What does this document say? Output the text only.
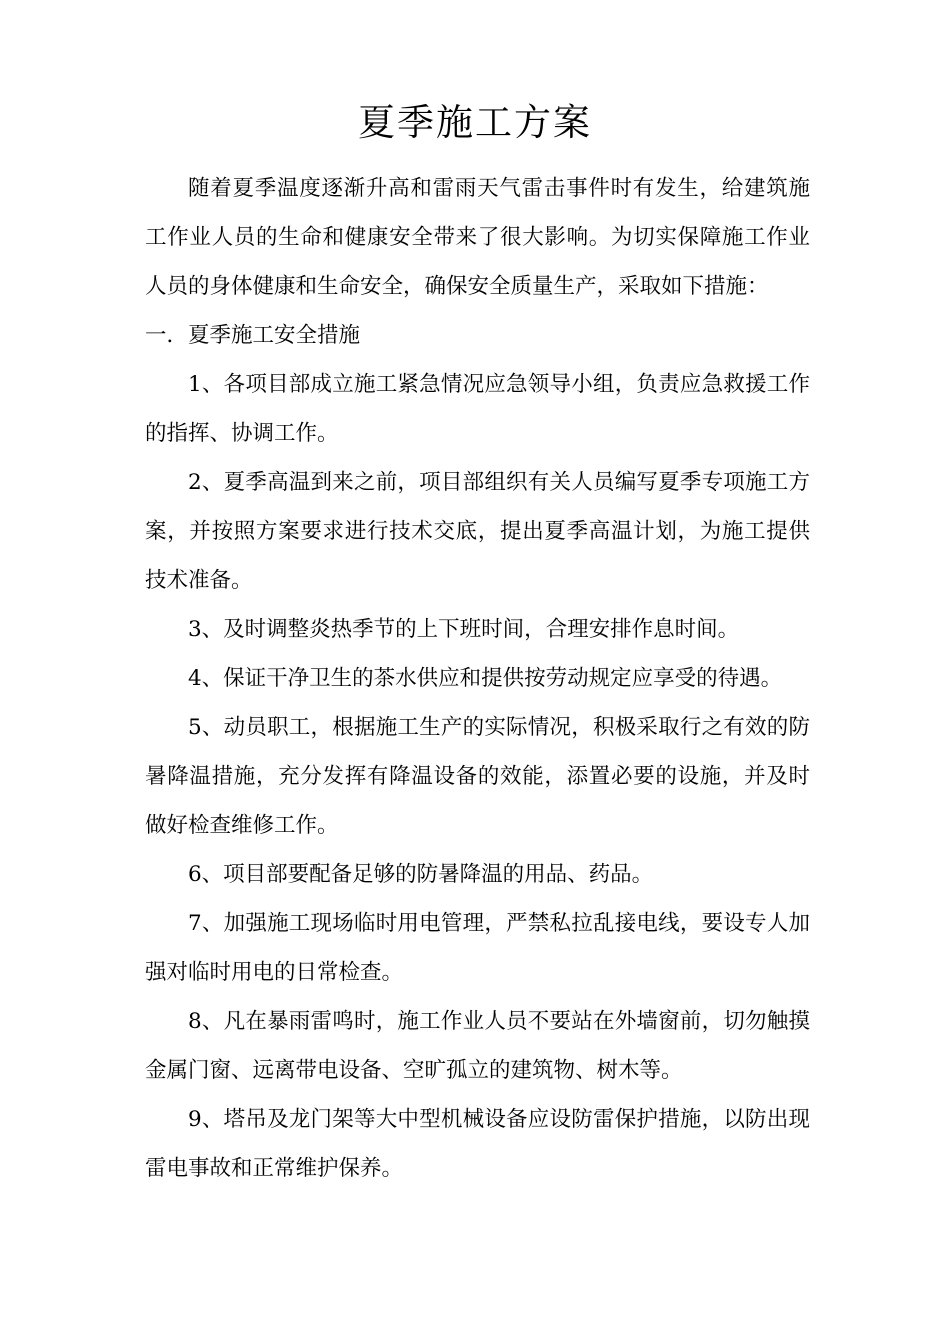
夏季施工方案

随着夏季温度逐渐升高和雷雨天气雷击事件时有发生，给建筑施工作业人员的生命和健康安全带来了很大影响。为切实保障施工作业人员的身体健康和生命安全，确保安全质量生产，采取如下措施：

一．夏季施工安全措施

1、各项目部成立施工紧急情况应急领导小组，负责应急救援工作的指挥、协调工作。

2、夏季高温到来之前，项目部组织有关人员编写夏季专项施工方案，并按照方案要求进行技术交底，提出夏季高温计划，为施工提供技术准备。

3、及时调整炎热季节的上下班时间，合理安排作息时间。

4、保证干净卫生的茶水供应和提供按劳动规定应享受的待遇。

5、动员职工，根据施工生产的实际情况，积极采取行之有效的防暑降温措施，充分发挥有降温设备的效能，添置必要的设施，并及时做好检查维修工作。

6、项目部要配备足够的防暑降温的用品、药品。

7、加强施工现场临时用电管理，严禁私拉乱接电线，要设专人加强对临时用电的日常检查。

8、凡在暴雨雷鸣时，施工作业人员不要站在外墙窗前，切勿触摸金属门窗、远离带电设备、空旷孤立的建筑物、树木等。

9、塔吊及龙门架等大中型机械设备应设防雷保护措施，以防出现雷电事故和正常维护保养。
